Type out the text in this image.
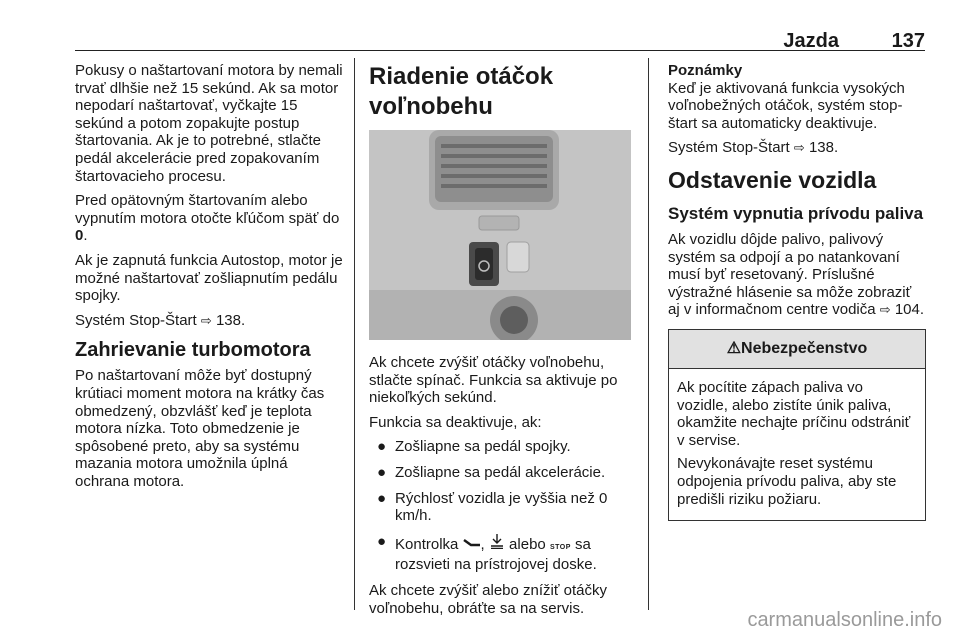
Jazda	137

Pokusy o naštartovaní motora by nemali trvať dlhšie než 15 sekúnd. Ak sa motor nepodarí naštartovať, vyčkajte 15 sekúnd a potom zopakujte postup štartovania. Ak je to potrebné, stlačte pedál akcelerácie pred zopakovaním štartovacieho procesu.

Pred opätovným štartovaním alebo vypnutím motora otočte kľúčom späť do 0.

Ak je zapnutá funkcia Autostop, motor je možné naštartovať zošliapnutím pedálu spojky.

Systém Stop-Štart ⇨ 138.

Zahrievanie turbomotora

Po naštartovaní môže byť dostupný krútiaci moment motora na krátky čas obmedzený, obzvlášť keď je teplota motora nízka. Toto obmedzenie je spôsobené preto, aby sa systému mazania motora umožnila úplná ochrana motora.

Riadenie otáčok voľnobehu

Ak chcete zvýšiť otáčky voľnobehu, stlačte spínač. Funkcia sa aktivuje po niekoľkých sekúnd.

Funkcia sa deaktivuje, ak:

● Zošliapne sa pedál spojky.
● Zošliapne sa pedál akcelerácie.
● Rýchlosť vozidla je vyššia než 0 km/h.
● Kontrolka ,  alebo STOP sa rozsvieti na prístrojovej doske.

Ak chcete zvýšiť alebo znížiť otáčky voľnobehu, obráťte sa na servis.

Poznámky
Keď je aktivovaná funkcia vysokých voľnobežných otáčok, systém stop-štart sa automaticky deaktivuje.

Systém Stop-Štart ⇨ 138.

Odstavenie vozidla
Systém vypnutia prívodu paliva

Ak vozidlu dôjde palivo, palivový systém sa odpojí a po natankovaní musí byť resetovaný. Príslušné výstražné hlásenie sa môže zobraziť aj v informačnom centre vodiča ⇨ 104.

⚠Nebezpečenstvo

Ak pocítite zápach paliva vo vozidle, alebo zistíte únik paliva, okamžite nechajte príčinu odstrániť v servise.

Nevykonávajte reset systému odpojenia prívodu paliva, aby ste predišli riziku požiaru.

carmanualsonline.info
